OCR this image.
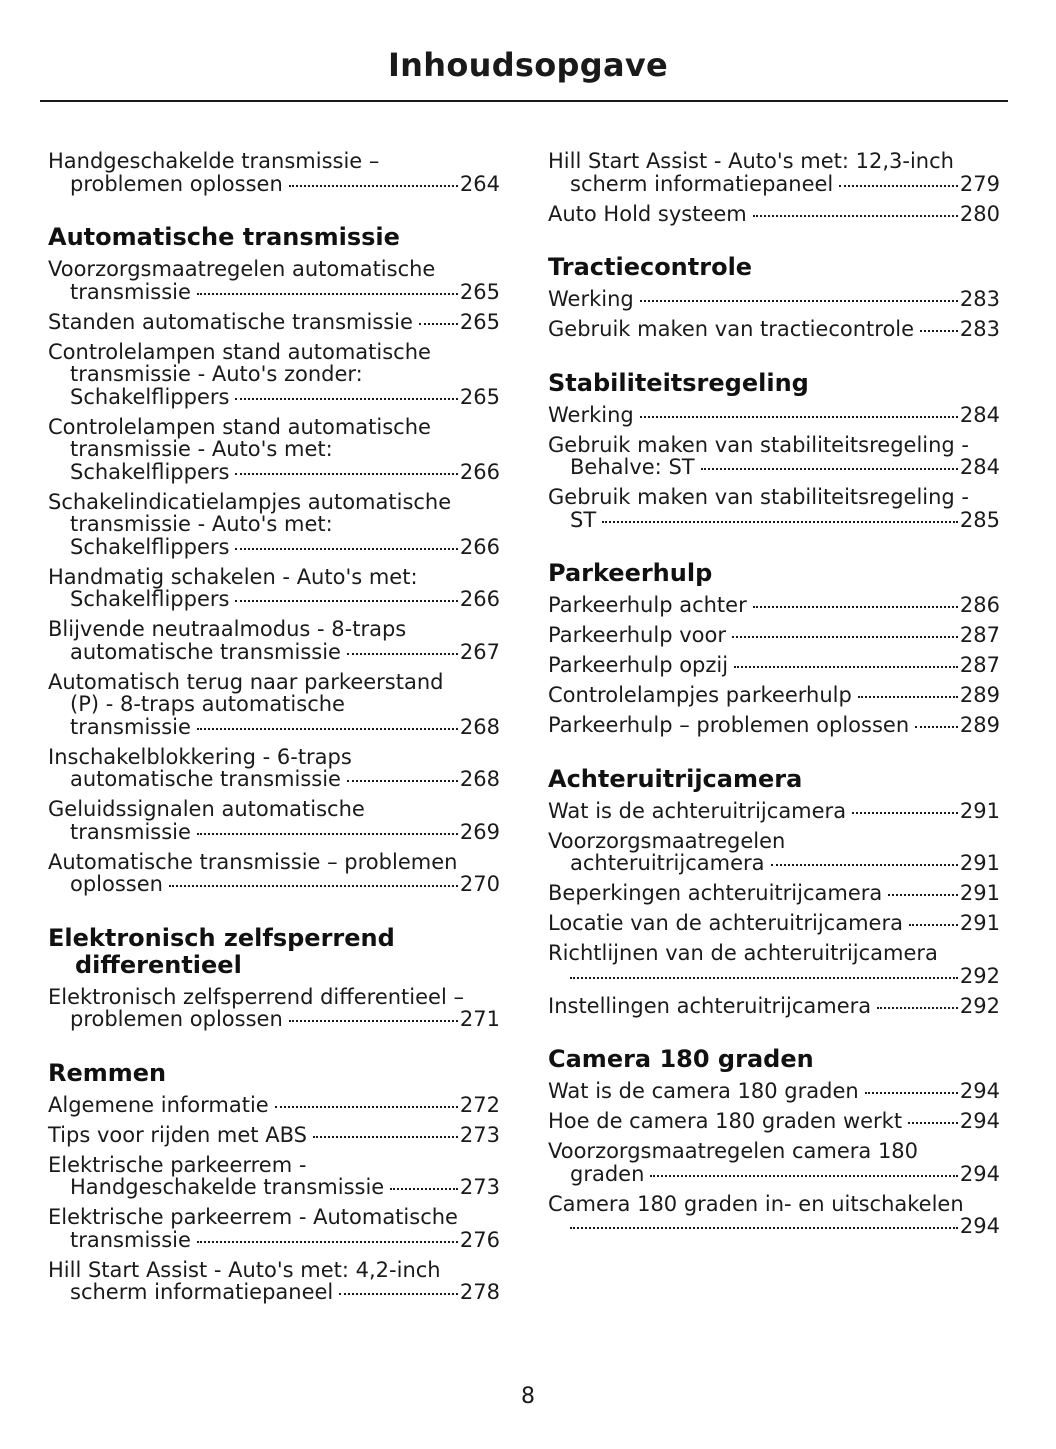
Inhoudsopgave
Handgeschakelde transmissie –
problemen oplossen	264
Automatische transmissie
Voorzorgsmaatregelen automatische
transmissie	265
Standen automatische transmissie 265
Controlelampen stand automatische
transmissie - Auto's zonder:
Schakelflippers	265
Controlelampen stand automatische
transmissie - Auto's met:
Schakelflippers	266
Schakelindicatielampjes automatische
transmissie - Auto's met:
Schakelflippers	266
Handmatig schakelen - Auto's met:
Schakelflippers	266
Blijvende neutraalmodus - 8-traps
automatische transmissie	267
Automatisch terug naar parkeerstand
(P) - 8-traps automatische
transmissie	268
Inschakelblokkering - 6-traps
automatische transmissie	268
Geluidssignalen automatische
transmissie	269
Automatische transmissie – problemen
oplossen	270
Elektronisch zelfsperrend
differentieel
Elektronisch zelfsperrend differentieel –
problemen oplossen	271
Remmen
Algemene informatie	272
Tips voor rijden met ABS	273
Elektrische parkeerrem -
Handgeschakelde transmissie	273
Elektrische parkeerrem - Automatische
transmissie	276
Hill Start Assist - Auto's met: 4,2-inch
scherm informatiepaneel	278
Hill Start Assist - Auto's met: 12,3-inch
scherm informatiepaneel	279
Auto Hold systeem	280
Tractiecontrole
Werking	283
Gebruik maken van tractiecontrole 283
Stabiliteitsregeling
Werking	284
Gebruik maken van stabiliteitsregeling -
Behalve: ST	284
Gebruik maken van stabiliteitsregeling -
ST	285
Parkeerhulp
Parkeerhulp achter	286
Parkeerhulp voor	287
Parkeerhulp opzij	287
Controlelampjes parkeerhulp	289
Parkeerhulp – problemen oplossen 289
Achteruitrijcamera
Wat is de achteruitrijcamera	291
Voorzorgsmaatregelen
achteruitrijcamera	291
Beperkingen achteruitrijcamera	291
Locatie van de achteruitrijcamera	291
Richtlijnen van de achteruitrijcamera
292
Instellingen achteruitrijcamera	292
Camera 180 graden
Wat is de camera 180 graden	294
Hoe de camera 180 graden werkt	294
Voorzorgsmaatregelen camera 180
graden	294
Camera 180 graden in- en uitschakelen
294
8
